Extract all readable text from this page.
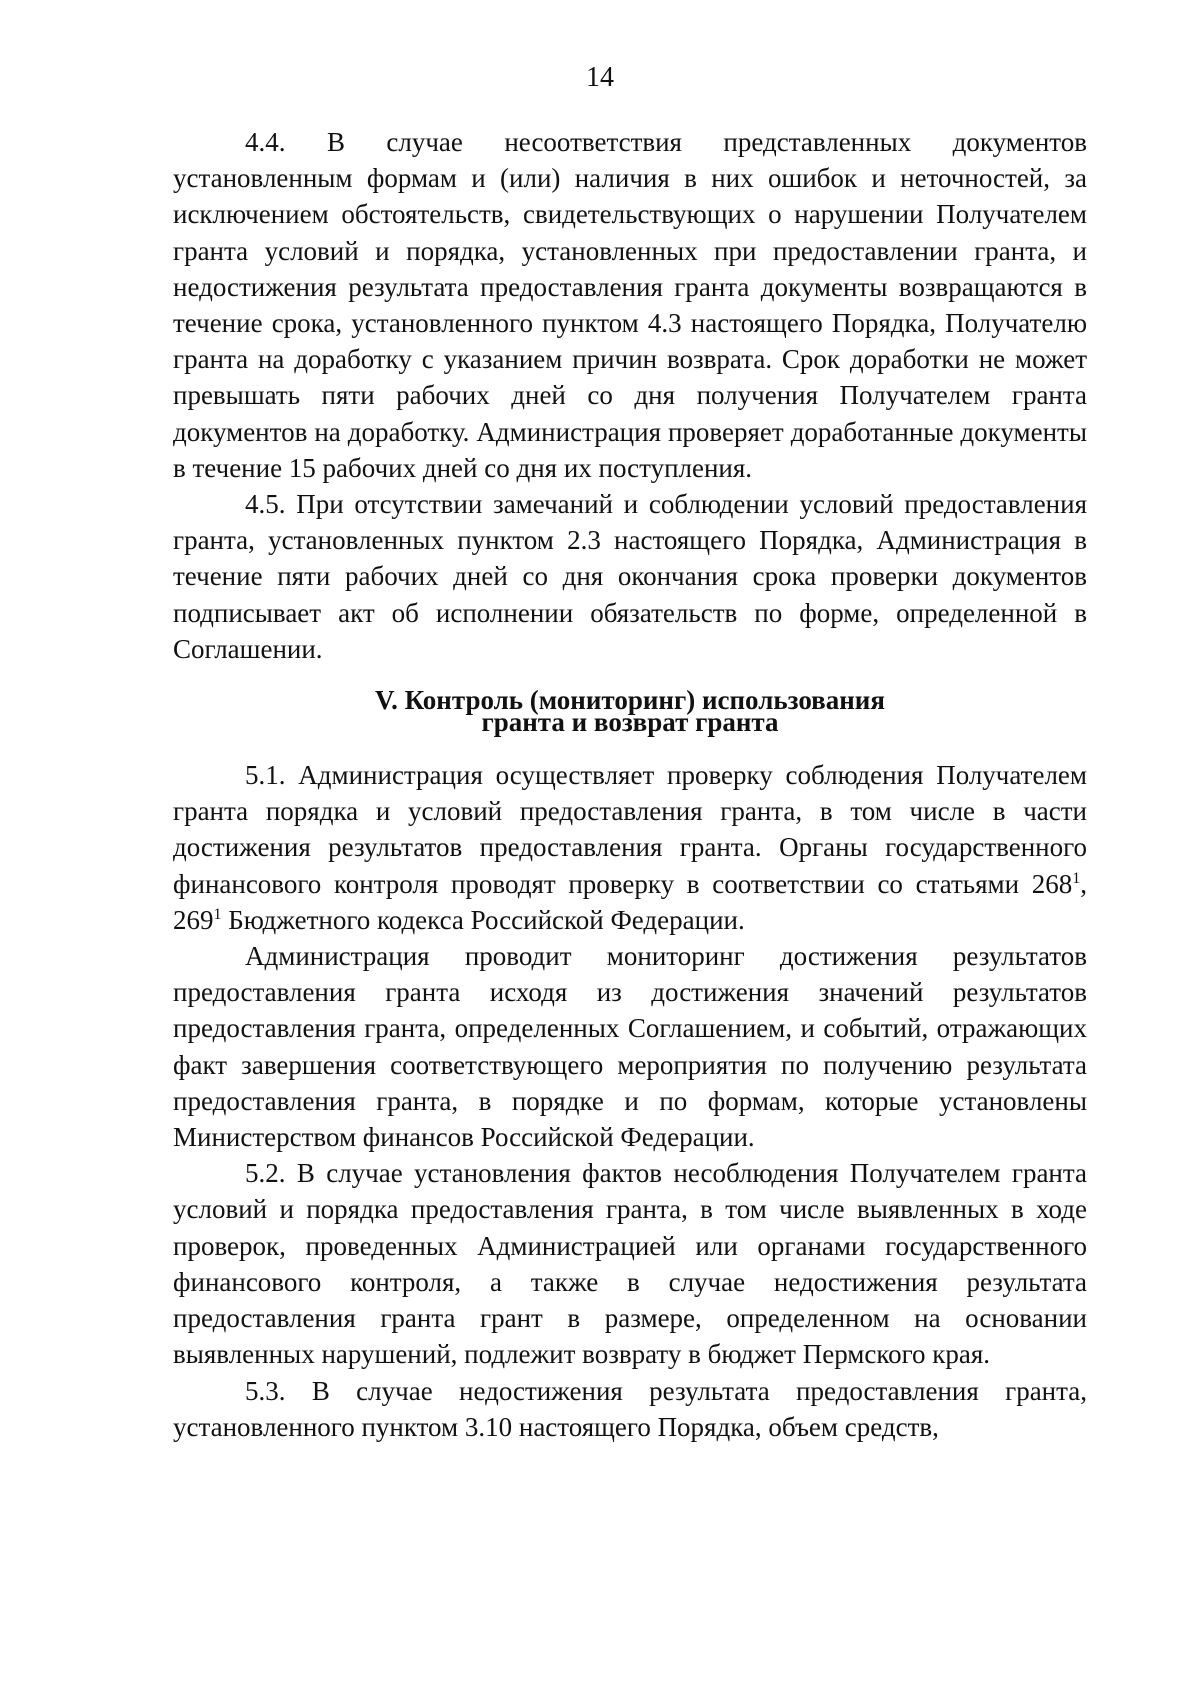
14

4.4. В случае несоответствия представленных документов установленным формам и (или) наличия в них ошибок и неточностей, за исключением обстоятельств, свидетельствующих о нарушении Получателем гранта условий и порядка, установленных при предоставлении гранта, и недостижения результата предоставления гранта документы возвращаются в течение срока, установленного пунктом 4.3 настоящего Порядка, Получателю гранта на доработку с указанием причин возврата. Срок доработки не может превышать пяти рабочих дней со дня получения Получателем гранта документов на доработку. Администрация проверяет доработанные документы в течение 15 рабочих дней со дня их поступления.

4.5. При отсутствии замечаний и соблюдении условий предоставления гранта, установленных пунктом 2.3 настоящего Порядка, Администрация в течение пяти рабочих дней со дня окончания срока проверки документов подписывает акт об исполнении обязательств по форме, определенной в Соглашении.

V. Контроль (мониторинг) использования
гранта и возврат гранта

5.1. Администрация осуществляет проверку соблюдения Получателем гранта порядка и условий предоставления гранта, в том числе в части достижения результатов предоставления гранта. Органы государственного финансового контроля проводят проверку в соответствии со статьями $268^1$, $269^1$ Бюджетного кодекса Российской Федерации.

Администрация проводит мониторинг достижения результатов предоставления гранта исходя из достижения значений результатов предоставления гранта, определенных Соглашением, и событий, отражающих факт завершения соответствующего мероприятия по получению результата предоставления гранта, в порядке и по формам, которые установлены Министерством финансов Российской Федерации.

5.2. В случае установления фактов несоблюдения Получателем гранта условий и порядка предоставления гранта, в том числе выявленных в ходе проверок, проведенных Администрацией или органами государственного финансового контроля, а также в случае недостижения результата предоставления гранта грант в размере, определенном на основании выявленных нарушений, подлежит возврату в бюджет Пермского края.

5.3. В случае недостижения результата предоставления гранта, установленного пунктом 3.10 настоящего Порядка, объем средств,
